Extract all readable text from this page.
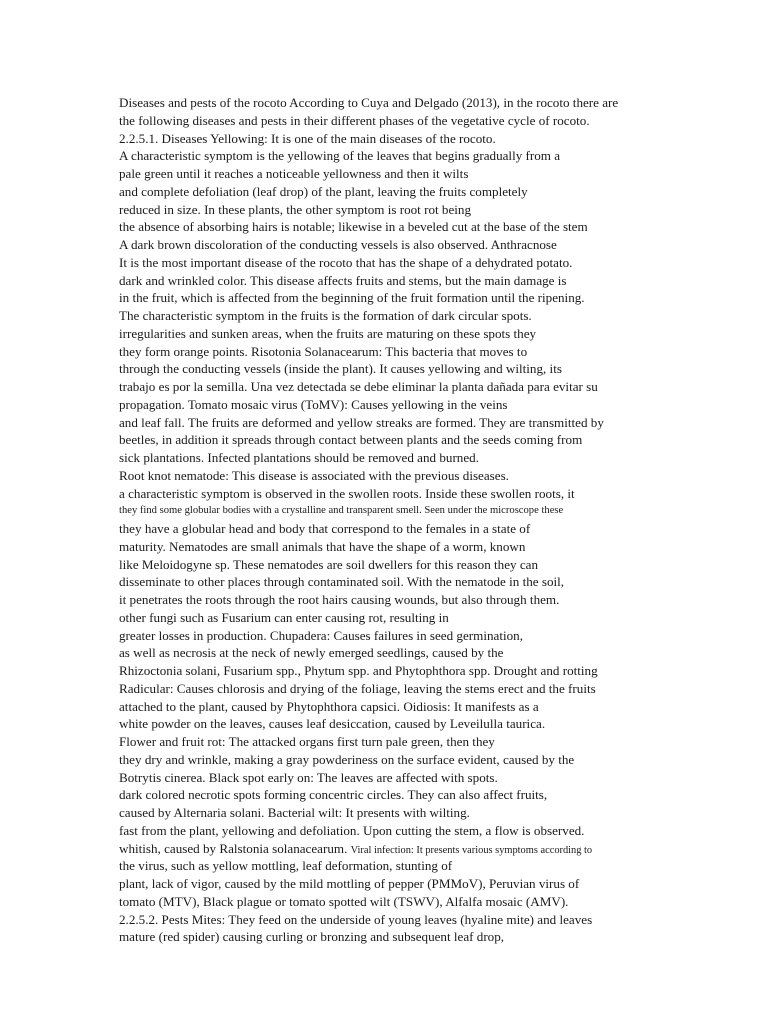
Diseases and pests of the rocoto According to Cuya and Delgado (2013), in the rocoto there are
the following diseases and pests in their different phases of the vegetative cycle of rocoto.
2.2.5.1. Diseases Yellowing: It is one of the main diseases of the rocoto.
A characteristic symptom is the yellowing of the leaves that begins gradually from a
pale green until it reaches a noticeable yellowness and then it wilts
and complete defoliation (leaf drop) of the plant, leaving the fruits completely
reduced in size. In these plants, the other symptom is root rot being
the absence of absorbing hairs is notable; likewise in a beveled cut at the base of the stem
A dark brown discoloration of the conducting vessels is also observed. Anthracnose
It is the most important disease of the rocoto that has the shape of a dehydrated potato.
dark and wrinkled color. This disease affects fruits and stems, but the main damage is
in the fruit, which is affected from the beginning of the fruit formation until the ripening.
The characteristic symptom in the fruits is the formation of dark circular spots.
irregularities and sunken areas, when the fruits are maturing on these spots they
they form orange points. Risotonia Solanacearum: This bacteria that moves to
through the conducting vessels (inside the plant). It causes yellowing and wilting, its
trabajo es por la semilla. Una vez detectada se debe eliminar la planta dañada para evitar su
propagation. Tomato mosaic virus (ToMV): Causes yellowing in the veins
and leaf fall. The fruits are deformed and yellow streaks are formed. They are transmitted by
beetles, in addition it spreads through contact between plants and the seeds coming from
sick plantations. Infected plantations should be removed and burned.
Root knot nematode: This disease is associated with the previous diseases.
a characteristic symptom is observed in the swollen roots. Inside these swollen roots, it
they find some globular bodies with a crystalline and transparent smell. Seen under the microscope these
they have a globular head and body that correspond to the females in a state of
maturity. Nematodes are small animals that have the shape of a worm, known
like Meloidogyne sp. These nematodes are soil dwellers for this reason they can
disseminate to other places through contaminated soil. With the nematode in the soil,
it penetrates the roots through the root hairs causing wounds, but also through them.
other fungi such as Fusarium can enter causing rot, resulting in
greater losses in production. Chupadera: Causes failures in seed germination,
as well as necrosis at the neck of newly emerged seedlings, caused by the
Rhizoctonia solani, Fusarium spp., Phytum spp. and Phytophthora spp. Drought and rotting
Radicular: Causes chlorosis and drying of the foliage, leaving the stems erect and the fruits
attached to the plant, caused by Phytophthora capsici. Oidiosis: It manifests as a
white powder on the leaves, causes leaf desiccation, caused by Leveilulla taurica.
Flower and fruit rot: The attacked organs first turn pale green, then they
they dry and wrinkle, making a gray powderiness on the surface evident, caused by the
Botrytis cinerea. Black spot early on: The leaves are affected with spots.
dark colored necrotic spots forming concentric circles. They can also affect fruits,
caused by Alternaria solani. Bacterial wilt: It presents with wilting.
fast from the plant, yellowing and defoliation. Upon cutting the stem, a flow is observed.
whitish, caused by Ralstonia solanacearum. Viral infection: It presents various symptoms according to
the virus, such as yellow mottling, leaf deformation, stunting of
plant, lack of vigor, caused by the mild mottling of pepper (PMMoV), Peruvian virus of
tomato (MTV), Black plague or tomato spotted wilt (TSWV), Alfalfa mosaic (AMV).
2.2.5.2. Pests Mites: They feed on the underside of young leaves (hyaline mite) and leaves
mature (red spider) causing curling or bronzing and subsequent leaf drop,
